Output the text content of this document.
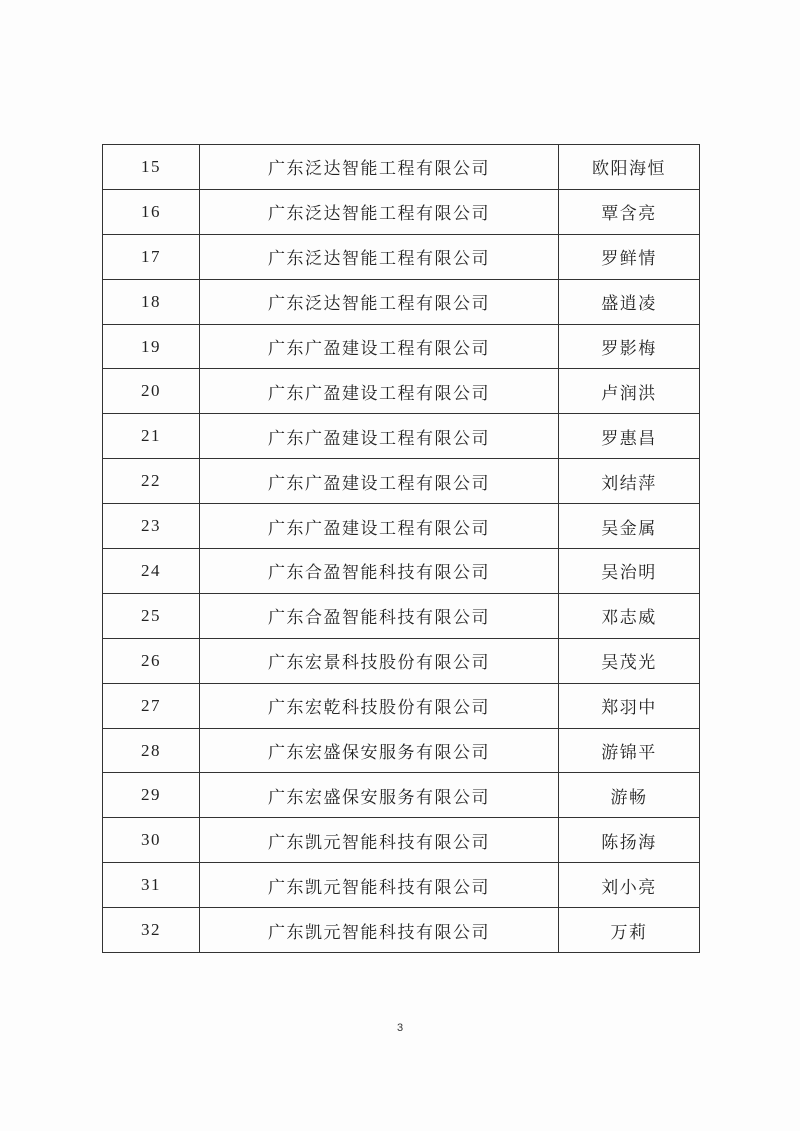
15	广东泛达智能工程有限公司	欧阳海恒
16	广东泛达智能工程有限公司	覃含亮
17	广东泛达智能工程有限公司	罗鲜情
18	广东泛达智能工程有限公司	盛逍凌
19	广东广盈建设工程有限公司	罗影梅
20	广东广盈建设工程有限公司	卢润洪
21	广东广盈建设工程有限公司	罗惠昌
22	广东广盈建设工程有限公司	刘结萍
23	广东广盈建设工程有限公司	吴金属
24	广东合盈智能科技有限公司	吴治明
25	广东合盈智能科技有限公司	邓志威
26	广东宏景科技股份有限公司	吴茂光
27	广东宏乾科技股份有限公司	郑羽中
28	广东宏盛保安服务有限公司	游锦平
29	广东宏盛保安服务有限公司	游畅
30	广东凯元智能科技有限公司	陈扬海
31	广东凯元智能科技有限公司	刘小亮
32	广东凯元智能科技有限公司	万莉
3
